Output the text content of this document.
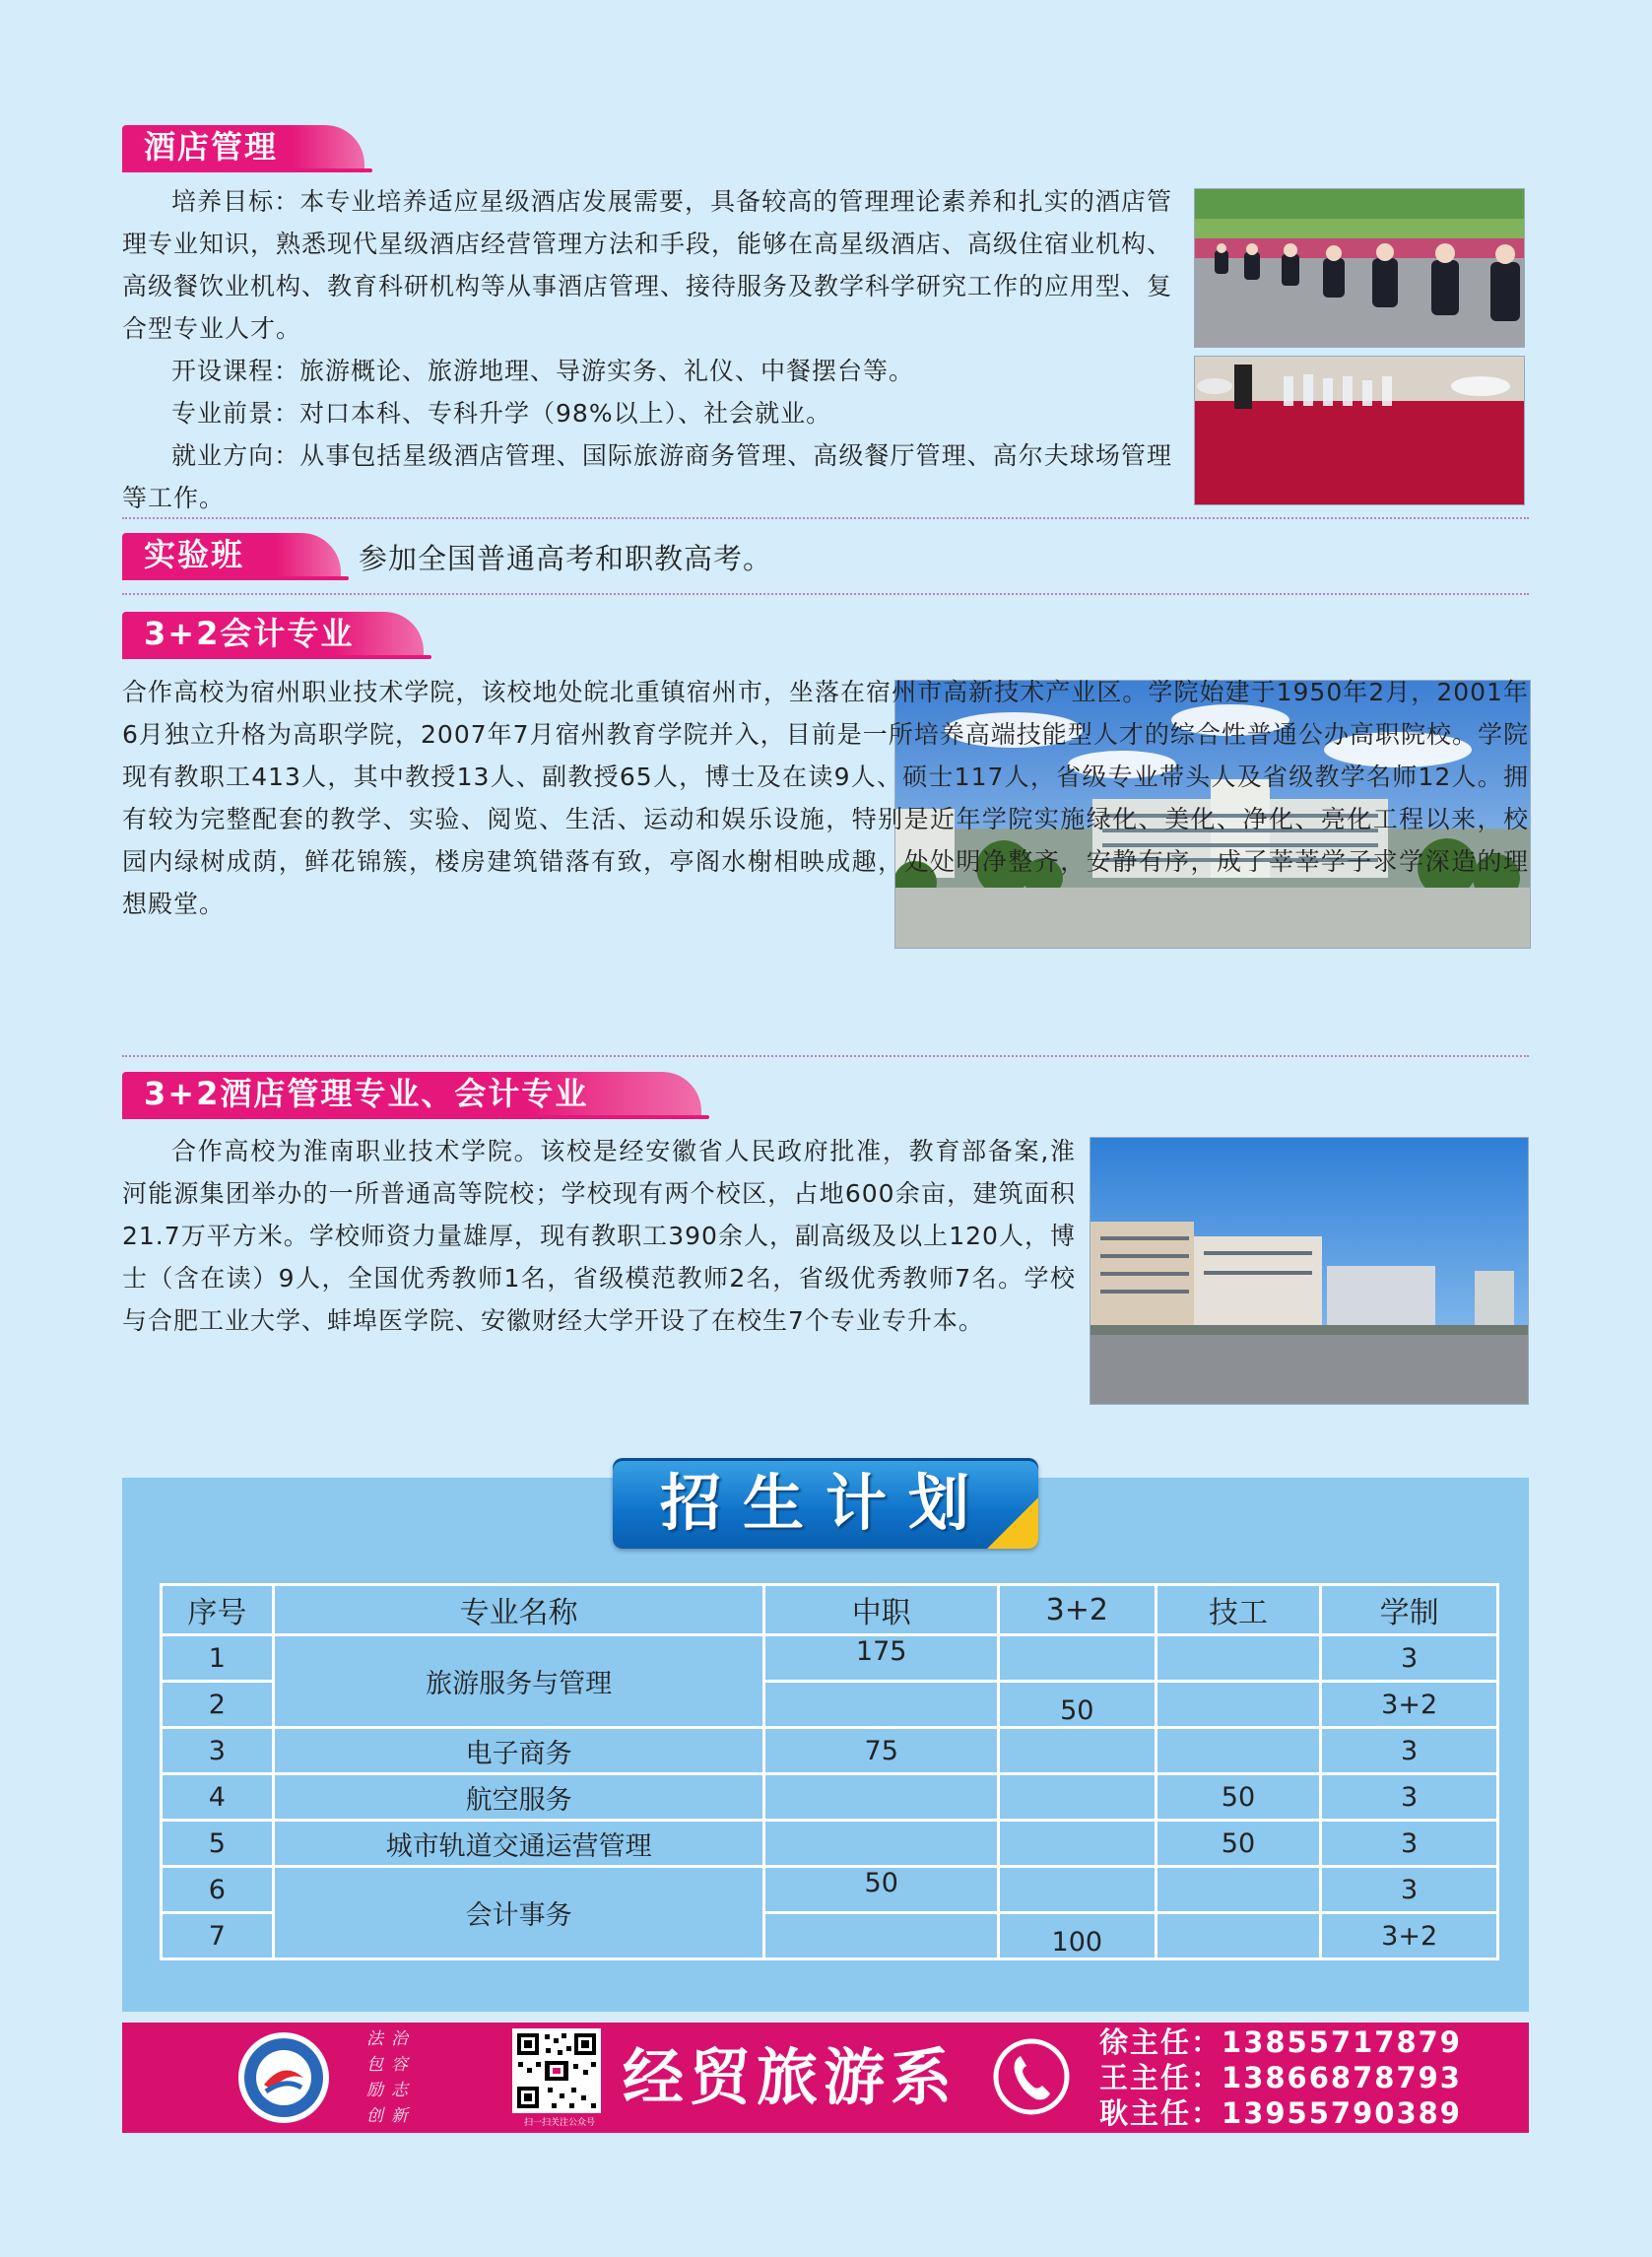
酒店管理

培养目标：本专业培养适应星级酒店发展需要，具备较高的管理理论素养和扎实的酒店管理专业知识，熟悉现代星级酒店经营管理方法和手段，能够在高星级酒店、高级住宿业机构、高级餐饮业机构、教育科研机构等从事酒店管理、接待服务及教学科学研究工作的应用型、复合型专业人才。

开设课程：旅游概论、旅游地理、导游实务、礼仪、中餐摆台等。

专业前景：对口本科、专科升学（98%以上）、社会就业。

就业方向：从事包括星级酒店管理、国际旅游商务管理、高级餐厅管理、高尔夫球场管理等工作。

实验班	参加全国普通高考和职教高考。
3+2会计专业

合作高校为宿州职业技术学院，该校地处皖北重镇宿州市，坐落在宿州市高新技术产业区。学院始建于1950年2月，2001年6月独立升格为高职学院，2007年7月宿州教育学院并入，目前是一所培养高端技能型人才的综合性普通公办高职院校。学院现有教职工413人，其中教授13人、副教授65人，博士及在读9人、硕士117人，省级专业带头人及省级教学名师12人。拥有较为完整配套的教学、实验、阅览、生活、运动和娱乐设施，特别是近年学院实施绿化、美化、净化、亮化工程以来，校园内绿树成荫，鲜花锦簇，楼房建筑错落有致，亭阁水榭相映成趣，处处明净整齐，安静有序，成了莘莘学子求学深造的理想殿堂。

3+2酒店管理专业、会计专业

合作高校为淮南职业技术学院。该校是经安徽省人民政府批准，教育部备案,淮河能源集团举办的一所普通高等院校；学校现有两个校区，占地600余亩，建筑面积21.7万平方米。学校师资力量雄厚，现有教职工390余人，副高级及以上120人，博士（含在读）9人，全国优秀教师1名，省级模范教师2名，省级优秀教师7名。学校与合肥工业大学、蚌埠医学院、安徽财经大学开设了在校生7个专业专升本。

招生计划
序号	专业名称	中职	3+2	技工	学制
1	旅游服务与管理	175			3
2			50		3+2
3	电子商务	75			3
4	航空服务			50	3
5	城市轨道交通运营管理			50	3
6	会计事务	50			3
7			100		3+2
法治
包容
励志
创新	扫一扫关注公众号
经贸旅游系	徐主任：13855717879
王主任：13866878793
耿主任：13955790389
